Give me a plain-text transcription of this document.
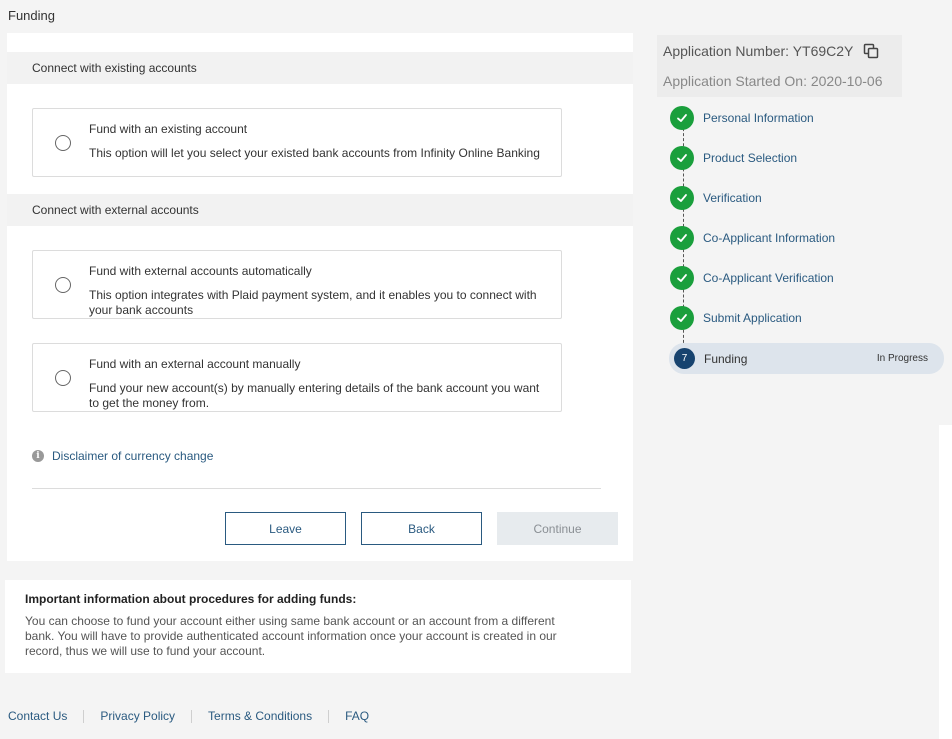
Funding
Connect with existing accounts
Fund with an existing account
This option will let you select your existed bank accounts from Infinity Online Banking
Connect with external accounts
Fund with external accounts automatically
This option integrates with Plaid payment system, and it enables you to connect with your bank accounts
Fund with an external account manually
Fund your new account(s) by manually entering details of the bank account you want to get the money from.
i	Disclaimer of currency change
Leave	Back	Continue
Important information about procedures for adding funds:
You can choose to fund your account either using same bank account or an account from a different bank. You will have to provide authenticated account information once your account is created in our record, thus we will use to fund your account.
Contact Us	Privacy Policy	Terms & Conditions	FAQ
Application Number: YT69C2Y
Application Started On: 2020-10-06
Personal Information
Product Selection
Verification
Co-Applicant Information
Co-Applicant Verification
Submit Application
7	Funding	In Progress
